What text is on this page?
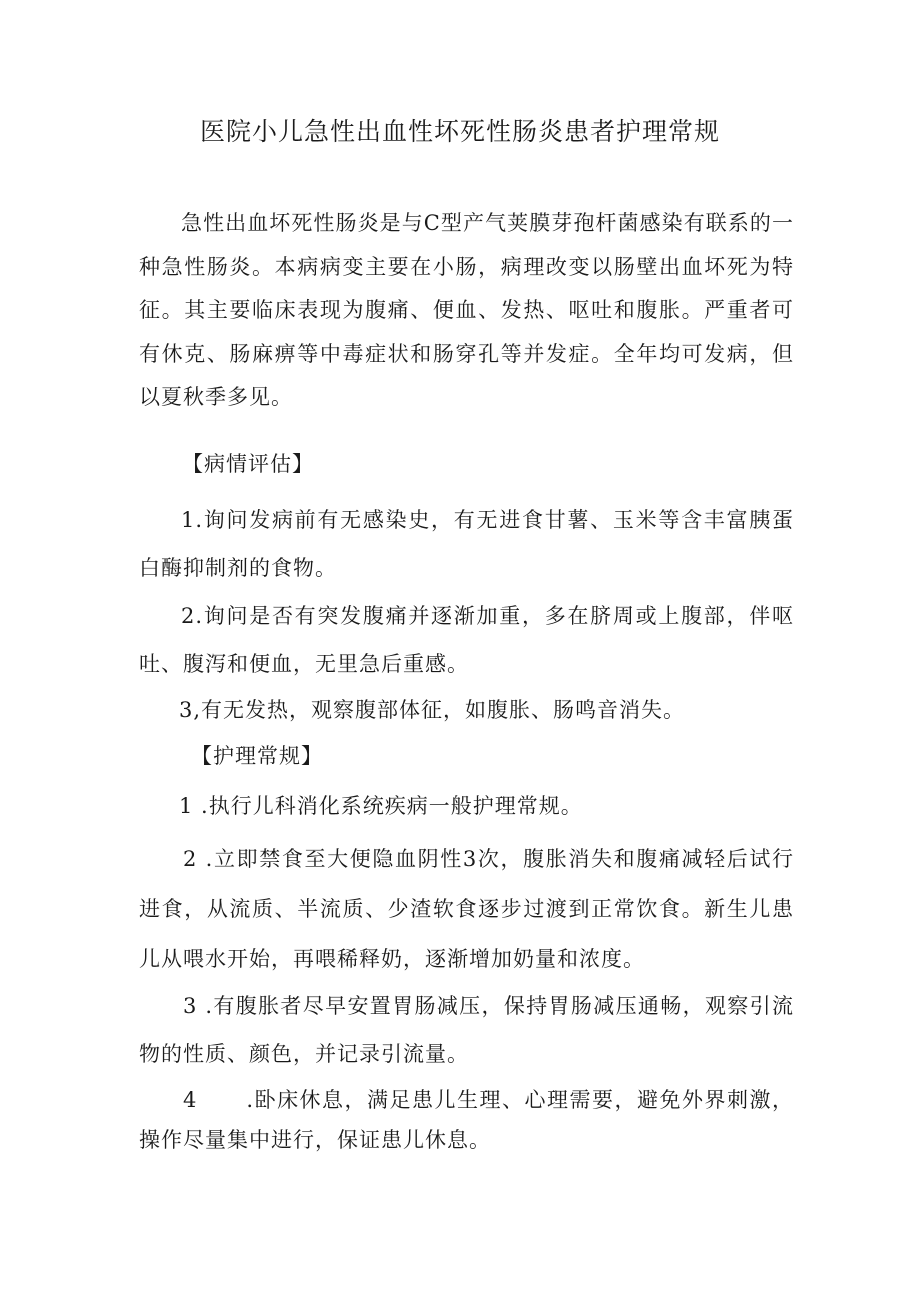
医院小儿急性出血性坏死性肠炎患者护理常规

急性出血坏死性肠炎是与C型产气荚膜芽孢杆菌感染有联系的一种急性肠炎。本病病变主要在小肠，病理改变以肠壁出血坏死为特征。其主要临床表现为腹痛、便血、发热、呕吐和腹胀。严重者可有休克、肠麻痹等中毒症状和肠穿孔等并发症。全年均可发病，但以夏秋季多见。

【病情评估】

1.询问发病前有无感染史，有无进食甘薯、玉米等含丰富胰蛋白酶抑制剂的食物。

2.询问是否有突发腹痛并逐渐加重，多在脐周或上腹部，伴呕吐、腹泻和便血，无里急后重感。

3,有无发热，观察腹部体征，如腹胀、肠鸣音消失。

【护理常规】

1 .执行儿科消化系统疾病一般护理常规。

2 .立即禁食至大便隐血阴性3次，腹胀消失和腹痛减轻后试行进食，从流质、半流质、少渣软食逐步过渡到正常饮食。新生儿患儿从喂水开始，再喂稀释奶，逐渐增加奶量和浓度。

3 .有腹胀者尽早安置胃肠减压，保持胃肠减压通畅，观察引流物的性质、颜色，并记录引流量。

4      .卧床休息，满足患儿生理、心理需要，避免外界刺激，操作尽量集中进行，保证患儿休息。
